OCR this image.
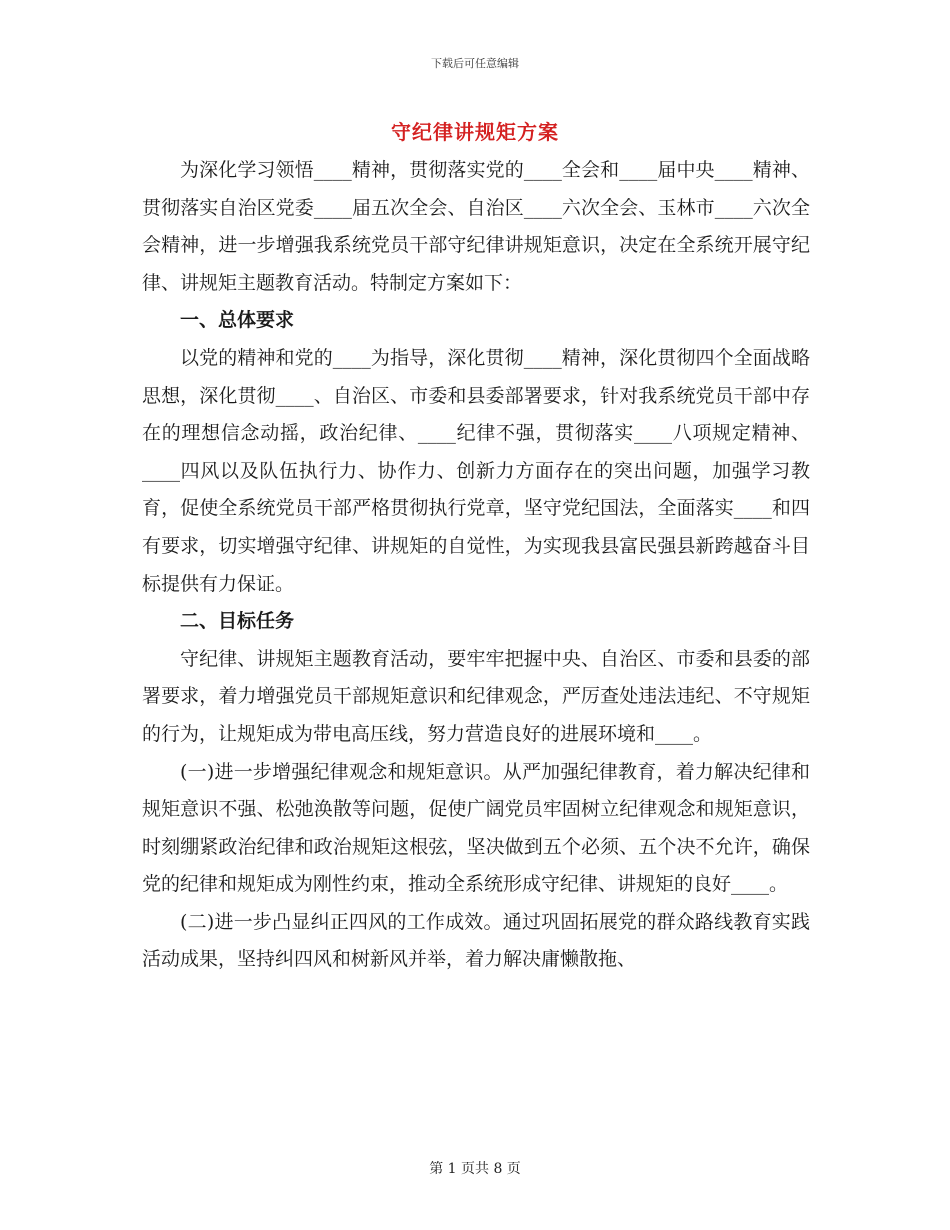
下载后可任意编辑
守纪律讲规矩方案

为深化学习领悟____精神，贯彻落实党的____全会和____届中央____精神、贯彻落实自治区党委____届五次全会、自治区____六次全会、玉林市____六次全会精神，进一步增强我系统党员干部守纪律讲规矩意识，决定在全系统开展守纪律、讲规矩主题教育活动。特制定方案如下：

一、总体要求

以党的精神和党的____为指导，深化贯彻____精神，深化贯彻四个全面战略思想，深化贯彻____、自治区、市委和县委部署要求，针对我系统党员干部中存在的理想信念动摇，政治纪律、____纪律不强，贯彻落实____八项规定精神、____四风以及队伍执行力、协作力、创新力方面存在的突出问题，加强学习教育，促使全系统党员干部严格贯彻执行党章，坚守党纪国法，全面落实____和四有要求，切实增强守纪律、讲规矩的自觉性，为实现我县富民强县新跨越奋斗目标提供有力保证。

二、目标任务

守纪律、讲规矩主题教育活动，要牢牢把握中央、自治区、市委和县委的部署要求，着力增强党员干部规矩意识和纪律观念，严厉查处违法违纪、不守规矩的行为，让规矩成为带电高压线，努力营造良好的进展环境和____。

(一)进一步增强纪律观念和规矩意识。从严加强纪律教育，着力解决纪律和规矩意识不强、松弛涣散等问题，促使广阔党员牢固树立纪律观念和规矩意识，时刻绷紧政治纪律和政治规矩这根弦，坚决做到五个必须、五个决不允许，确保党的纪律和规矩成为刚性约束，推动全系统形成守纪律、讲规矩的良好____。

(二)进一步凸显纠正四风的工作成效。通过巩固拓展党的群众路线教育实践活动成果，坚持纠四风和树新风并举，着力解决庸懒散拖、

第 1 页共 8 页
